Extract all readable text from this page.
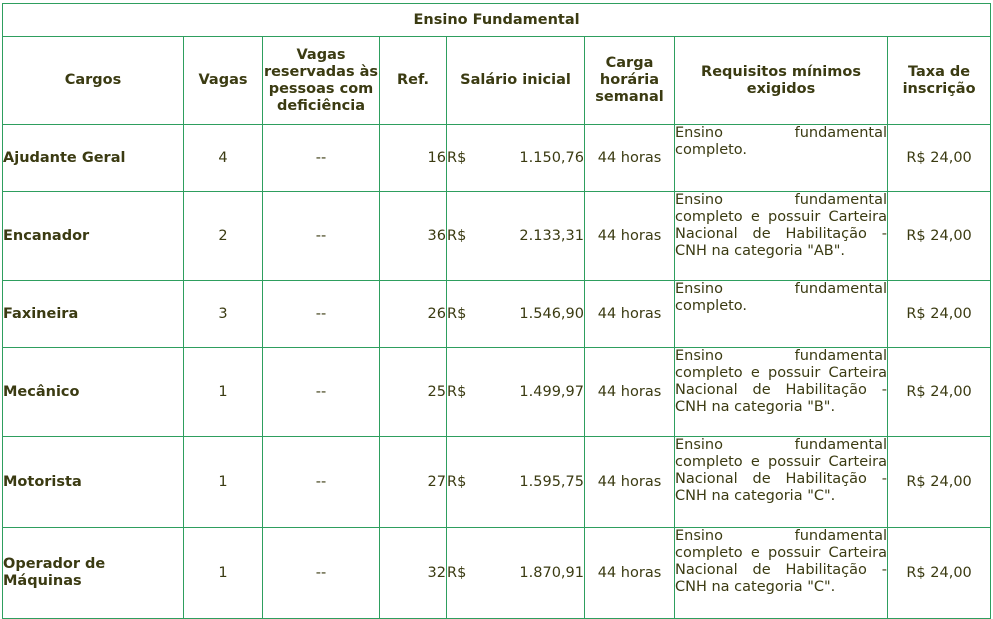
Ensino Fundamental							
Cargos	Vagas	Vagas reservadas às pessoas com deficiência	Ref.	Salário inicial	Carga horária semanal	Requisitos mínimos exigidos	Taxa de inscrição
Ajudante Geral	4	--	16	R$ 1.150,76	44 horas	Ensino fundamental completo.	R$ 24,00
Encanador	2	--	36	R$ 2.133,31	44 horas	Ensino fundamental completo e possuir Carteira Nacional de Habilitação - CNH na categoria "AB".	R$ 24,00
Faxineira	3	--	26	R$ 1.546,90	44 horas	Ensino fundamental completo.	R$ 24,00
Mecânico	1	--	25	R$ 1.499,97	44 horas	Ensino fundamental completo e possuir Carteira Nacional de Habilitação - CNH na categoria "B".	R$ 24,00
Motorista	1	--	27	R$ 1.595,75	44 horas	Ensino fundamental completo e possuir Carteira Nacional de Habilitação - CNH na categoria "C".	R$ 24,00
Operador de Máquinas	1	--	32	R$ 1.870,91	44 horas	Ensino fundamental completo e possuir Carteira Nacional de Habilitação - CNH na categoria "C".	R$ 24,00
